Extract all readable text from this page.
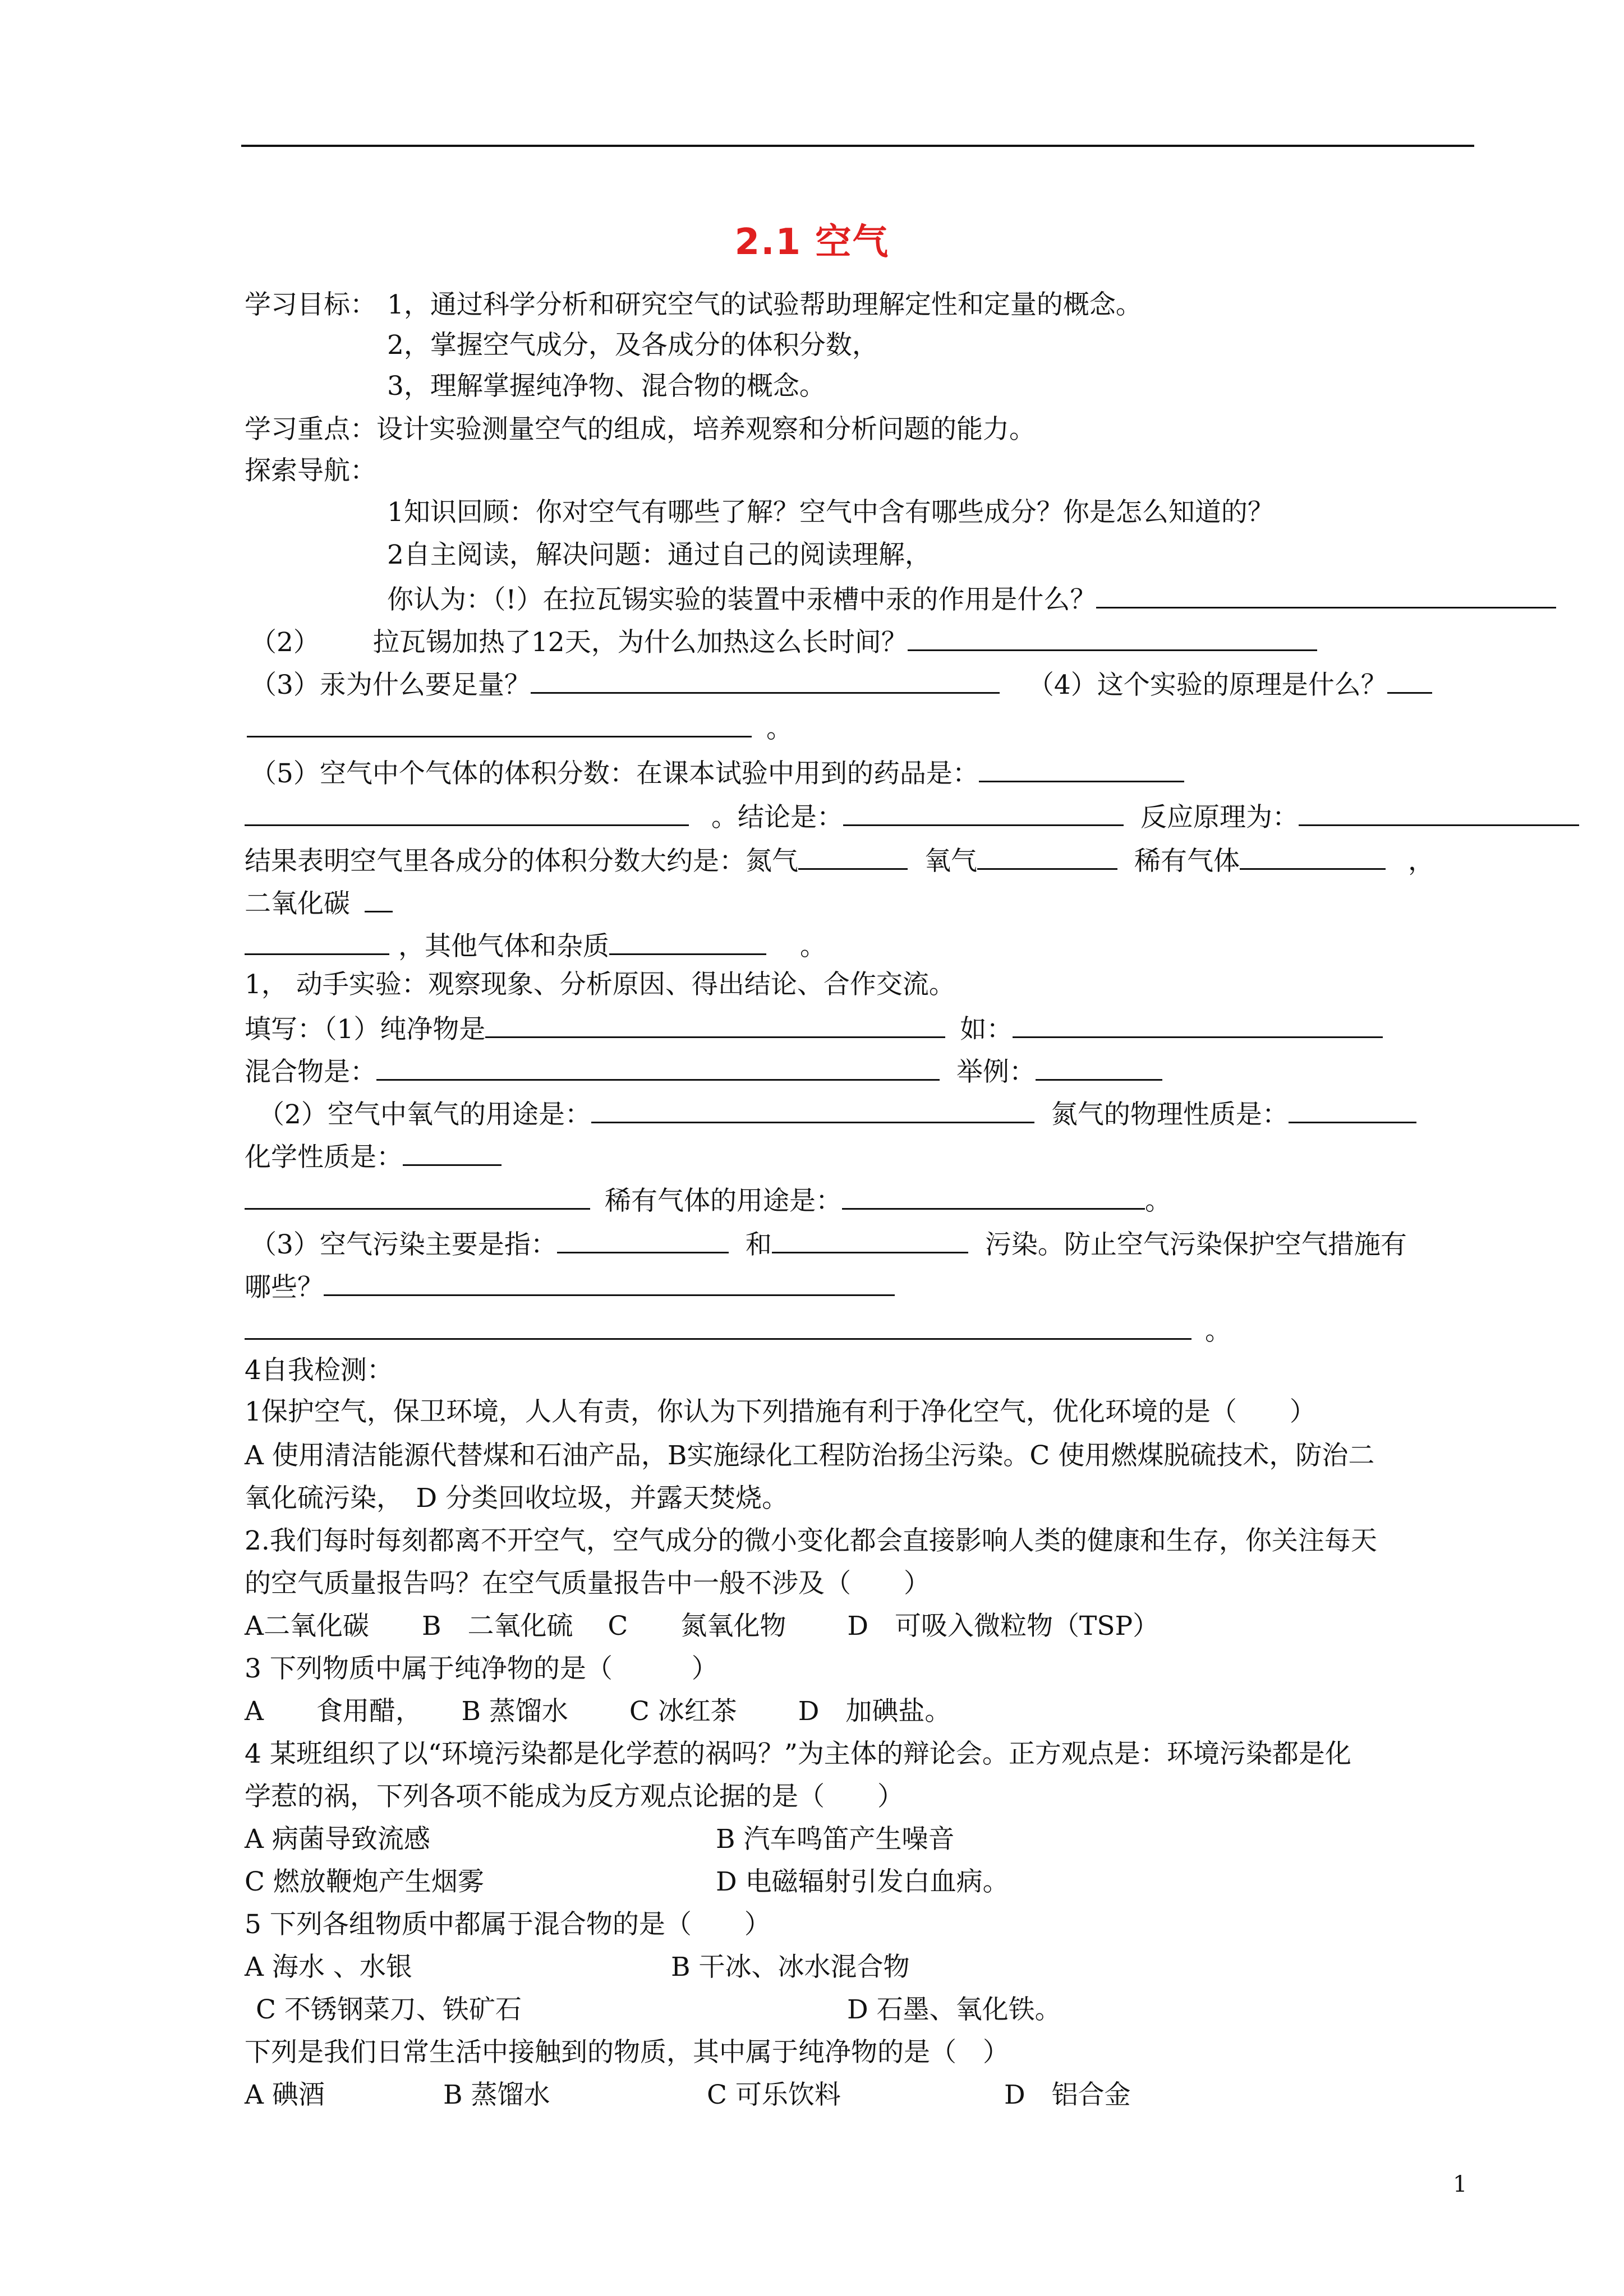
2.1 空气
学习目标： 1，通过科学分析和研究空气的试验帮助理解定性和定量的概念。
2，掌握空气成分，及各成分的体积分数，
3，理解掌握纯净物、混合物的概念。
学习重点：设计实验测量空气的组成，培养观察和分析问题的能力。
探索导航：
1知识回顾：你对空气有哪些了解？空气中含有哪些成分？你是怎么知道的？
2自主阅读，解决问题：通过自己的阅读理解，
你认为：（!）在拉瓦锡实验的装置中汞槽中汞的作用是什么？
（2） 拉瓦锡加热了12天，为什么加热这么长时间？
（3）汞为什么要足量？	（4）这个实验的原理是什么？
。
（5）空气中个气体的体积分数：在课本试验中用到的药品是：
。结论是：	反应原理为：
结果表明空气里各成分的体积分数大约是：氮气	氧气	稀有气体	，
二氧化碳
，其他气体和杂质	。
1， 动手实验：观察现象、分析原因、得出结论、合作交流。
填写：（1）纯净物是	如：
混合物是：	举例：
（2）空气中氧气的用途是：	氮气的物理性质是：
化学性质是：
稀有气体的用途是：	。
（3）空气污染主要是指：	和	污染。防止空气污染保护空气措施有
哪些？
。
4自我检测：
1保护空气，保卫环境，人人有责，你认为下列措施有利于净化空气，优化环境的是（　　）
A 使用清洁能源代替煤和石油产品，B实施绿化工程防治扬尘污染。C 使用燃煤脱硫技术，防治二
氧化硫污染，　D 分类回收垃圾，并露天焚烧。
2.我们每时每刻都离不开空气，空气成分的微小变化都会直接影响人类的健康和生存，你关注每天
的空气质量报告吗？在空气质量报告中一般不涉及（　　）
A二氧化碳　　B　二氧化硫　 C　　氮氧化物　　 D　可吸入微粒物（TSP）
3 下列物质中属于纯净物的是（　　　）
A　　食用醋，　　B 蒸馏水　　 C 冰红茶　　 D　加碘盐。
4 某班组织了以“环境污染都是化学惹的祸吗？”为主体的辩论会。正方观点是：环境污染都是化
学惹的祸，下列各项不能成为反方观点论据的是（　　）
A 病菌导致流感	B 汽车鸣笛产生噪音
C 燃放鞭炮产生烟雾	D 电磁辐射引发白血病。
5 下列各组物质中都属于混合物的是（　　）
A 海水 、水银	B 干冰、冰水混合物
C 不锈钢菜刀、铁矿石	D 石墨、氧化铁。
下列是我们日常生活中接触到的物质，其中属于纯净物的是（　）
A 碘酒	B 蒸馏水	C 可乐饮料	D　铝合金
1
